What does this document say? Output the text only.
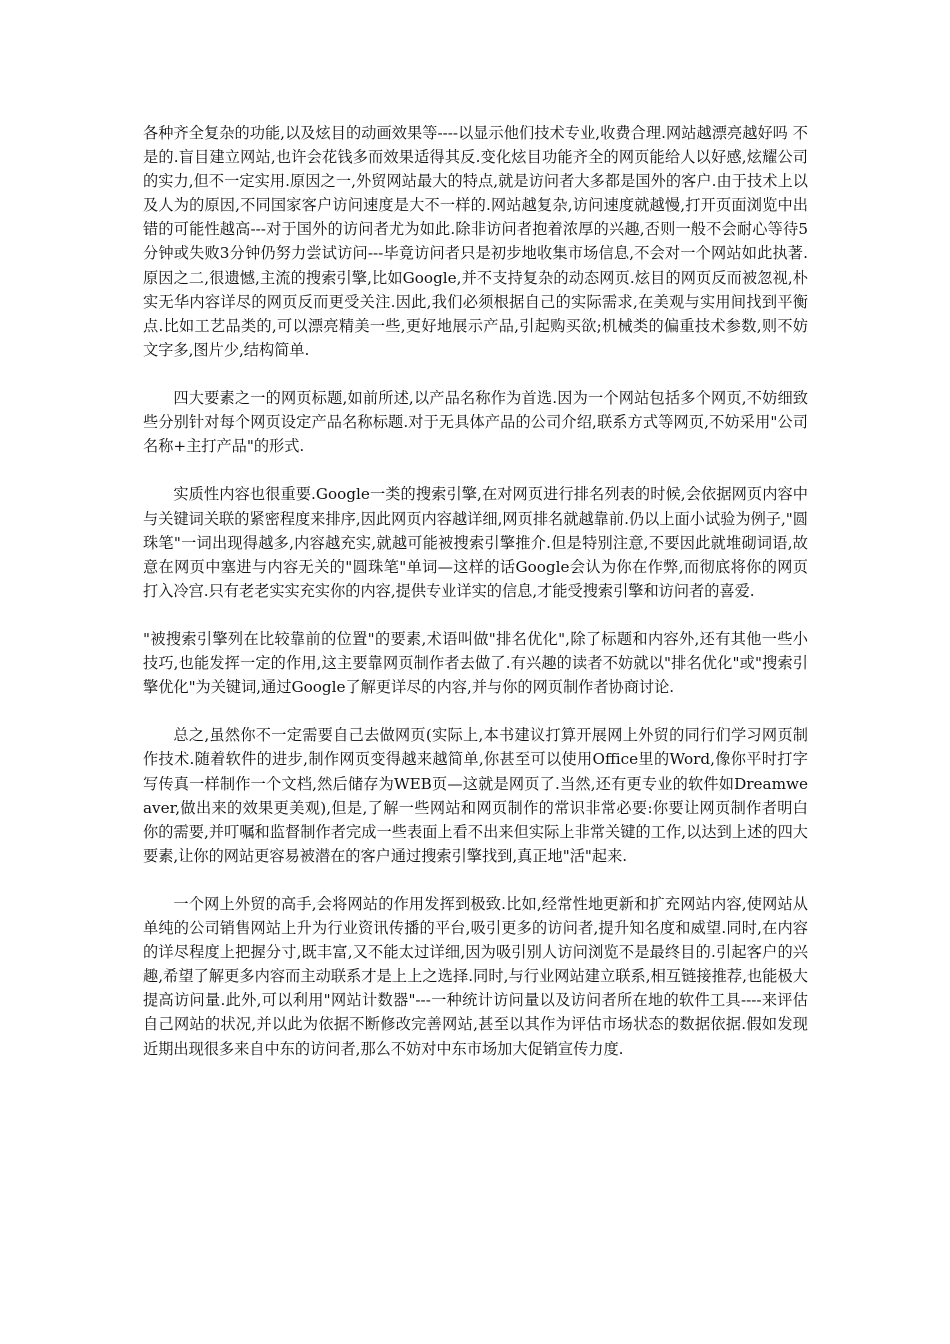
各种齐全复杂的功能,以及炫目的动画效果等----以显示他们技术专业,收费合理.网站越漂亮越好吗 不是的.盲目建立网站,也许会花钱多而效果适得其反.变化炫目功能齐全的网页能给人以好感,炫耀公司的实力,但不一定实用.原因之一,外贸网站最大的特点,就是访问者大多都是国外的客户.由于技术上以及人为的原因,不同国家客户访问速度是大不一样的.网站越复杂,访问速度就越慢,打开页面浏览中出错的可能性越高---对于国外的访问者尤为如此.除非访问者抱着浓厚的兴趣,否则一般不会耐心等待5分钟或失败3分钟仍努力尝试访问---毕竟访问者只是初步地收集市场信息,不会对一个网站如此执著.原因之二,很遗憾,主流的搜索引擎,比如Google,并不支持复杂的动态网页.炫目的网页反而被忽视,朴实无华内容详尽的网页反而更受关注.因此,我们必须根据自己的实际需求,在美观与实用间找到平衡点.比如工艺品类的,可以漂亮精美一些,更好地展示产品,引起购买欲;机械类的偏重技术参数,则不妨文字多,图片少,结构简单.

四大要素之一的网页标题,如前所述,以产品名称作为首选.因为一个网站包括多个网页,不妨细致些分别针对每个网页设定产品名称标题.对于无具体产品的公司介绍,联系方式等网页,不妨采用"公司名称+主打产品"的形式.

实质性内容也很重要.Google一类的搜索引擎,在对网页进行排名列表的时候,会依据网页内容中与关键词关联的紧密程度来排序,因此网页内容越详细,网页排名就越靠前.仍以上面小试验为例子,"圆珠笔"一词出现得越多,内容越充实,就越可能被搜索引擎推介.但是特别注意,不要因此就堆砌词语,故意在网页中塞进与内容无关的"圆珠笔"单词—这样的话Google会认为你在作弊,而彻底将你的网页打入冷宫.只有老老实实充实你的内容,提供专业详实的信息,才能受搜索引擎和访问者的喜爱.

"被搜索引擎列在比较靠前的位置"的要素,术语叫做"排名优化",除了标题和内容外,还有其他一些小技巧,也能发挥一定的作用,这主要靠网页制作者去做了.有兴趣的读者不妨就以"排名优化"或"搜索引擎优化"为关键词,通过Google了解更详尽的内容,并与你的网页制作者协商讨论.

总之,虽然你不一定需要自己去做网页(实际上,本书建议打算开展网上外贸的同行们学习网页制作技术.随着软件的进步,制作网页变得越来越简单,你甚至可以使用Office里的Word,像你平时打字写传真一样制作一个文档,然后储存为WEB页—这就是网页了.当然,还有更专业的软件如Dreamweaver,做出来的效果更美观),但是,了解一些网站和网页制作的常识非常必要:你要让网页制作者明白你的需要,并叮嘱和监督制作者完成一些表面上看不出来但实际上非常关键的工作,以达到上述的四大要素,让你的网站更容易被潜在的客户通过搜索引擎找到,真正地"活"起来.

一个网上外贸的高手,会将网站的作用发挥到极致.比如,经常性地更新和扩充网站内容,使网站从单纯的公司销售网站上升为行业资讯传播的平台,吸引更多的访问者,提升知名度和威望.同时,在内容的详尽程度上把握分寸,既丰富,又不能太过详细,因为吸引别人访问浏览不是最终目的.引起客户的兴趣,希望了解更多内容而主动联系才是上上之选择.同时,与行业网站建立联系,相互链接推荐,也能极大提高访问量.此外,可以利用"网站计数器"---一种统计访问量以及访问者所在地的软件工具----来评估自己网站的状况,并以此为依据不断修改完善网站,甚至以其作为评估市场状态的数据依据.假如发现近期出现很多来自中东的访问者,那么不妨对中东市场加大促销宣传力度.
